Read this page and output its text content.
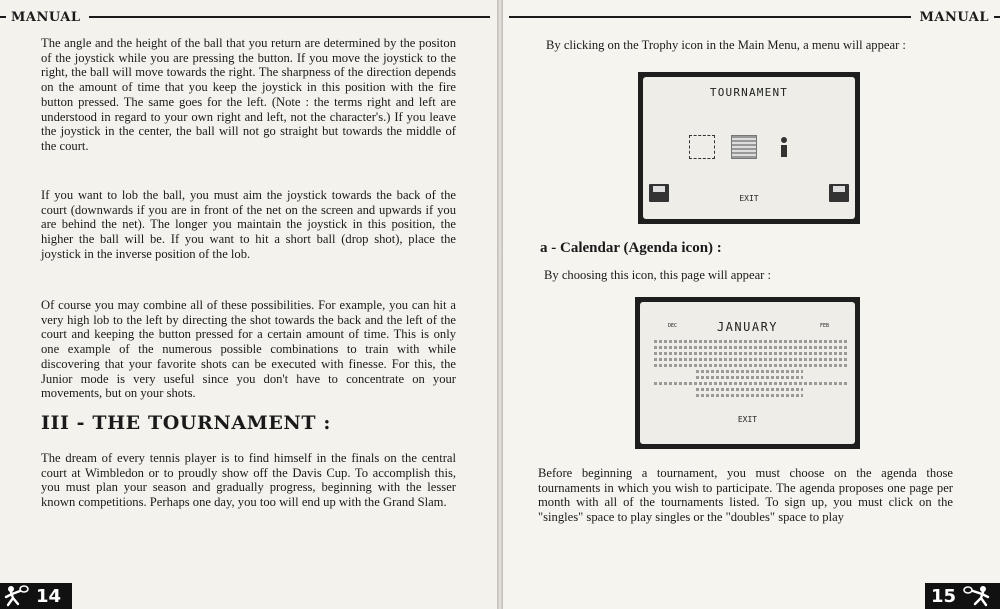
MANUAL

The angle and the height of the ball that you return are determined by the positon of the joystick while you are pressing the button. If you move the joystick to the right, the ball will move towards the right. The sharpness of the direction depends on the amount of time that you keep the joystick in this position with the fire button pressed. The same goes for the left. (Note : the terms right and left are understood in regard to your own right and left, not the character's.) If you leave the joystick in the center, the ball will not go straight but towards the middle of the court.

If you want to lob the ball, you must aim the joystick towards the back of the court (downwards if you are in front of the net on the screen and upwards if you are behind the net). The longer you maintain the joystick in this position, the higher the ball will be. If you want to hit a short ball (drop shot), place the joystick in the inverse position of the lob.

Of course you may combine all of these possibilities. For example, you can hit a very high lob to the left by directing the shot towards the back and the left of the court and keeping the button pressed for a certain amount of time. This is only one example of the numerous possible combinations to train with while discovering that your favorite shots can be executed with finesse. For this, the Junior mode is very useful since you don't have to concentrate on your movements, but on your shots.

III - THE TOURNAMENT :

The dream of every tennis player is to find himself in the finals on the central court at Wimbledon or to proudly show off the Davis Cup. To accomplish this, you must plan your season and gradually progress, beginning with the lesser known competitions. Perhaps one day, you too will end up with the Grand Slam.

14
MANUAL

By clicking on the Trophy icon in the Main Menu, a menu will appear :

TOURNAMENT
EXIT
a - Calendar (Agenda icon) :

By choosing this icon, this page will appear :

DEC	JANUARY	FEB
EXIT

Before beginning a tournament, you must choose on the agenda those tournaments in which you wish to participate. The agenda proposes one page per month with all of the tournaments listed. To sign up, you must click on the "singles" space to play singles or the "doubles" space to play

15
